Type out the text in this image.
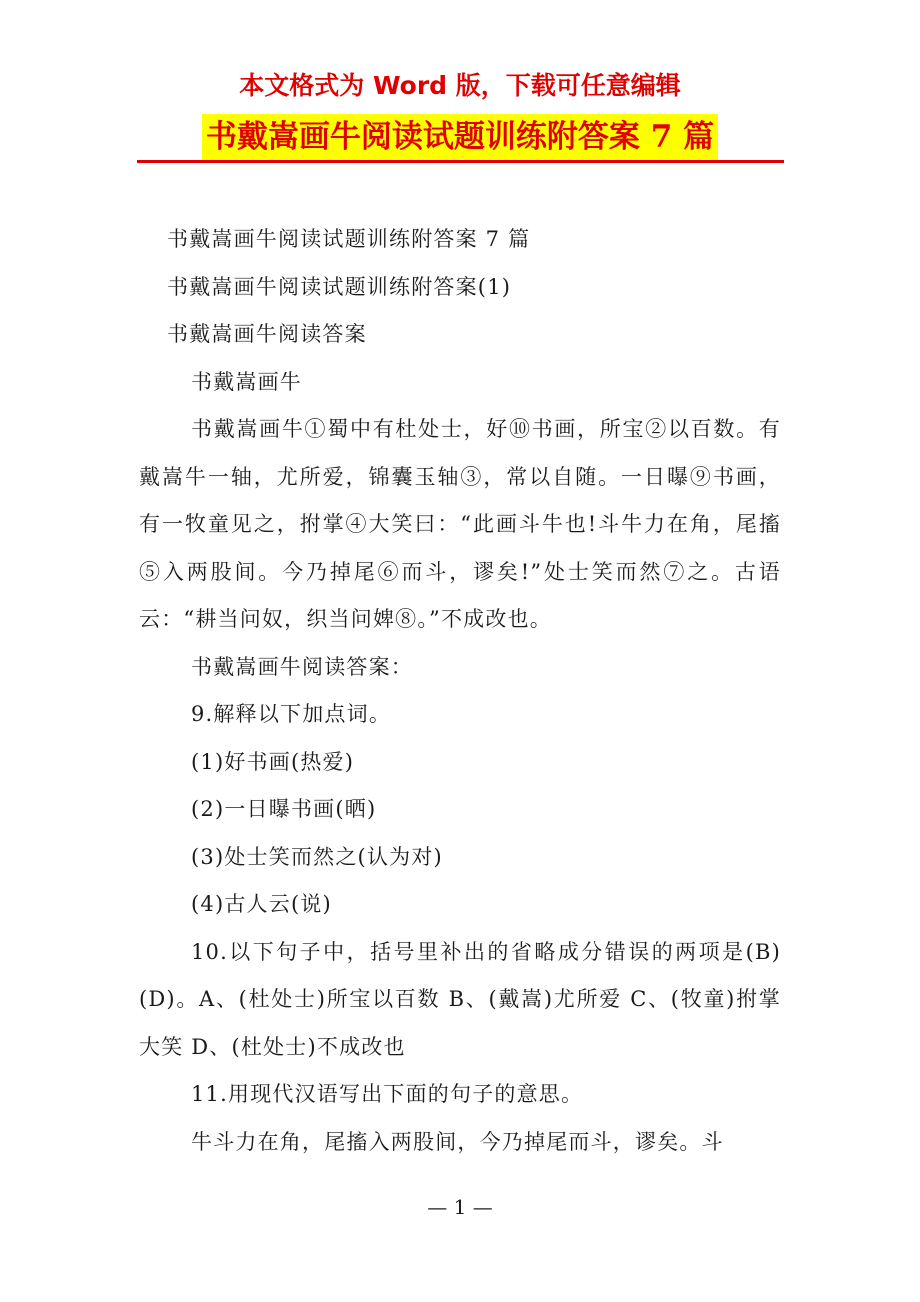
本文格式为 Word 版，下载可任意编辑
书戴嵩画牛阅读试题训练附答案 7 篇

书戴嵩画牛阅读试题训练附答案 7 篇

书戴嵩画牛阅读试题训练附答案(1)

书戴嵩画牛阅读答案

书戴嵩画牛

书戴嵩画牛①蜀中有杜处士，好⑩书画，所宝②以百数。有戴嵩牛一轴，尤所爱，锦囊玉轴③，常以自随。一日曝⑨书画，有一牧童见之，拊掌④大笑曰：“此画斗牛也!斗牛力在角，尾搐⑤入两股间。今乃掉尾⑥而斗，谬矣!”处士笑而然⑦之。古语云：“耕当问奴，织当问婢⑧。”不成改也。

书戴嵩画牛阅读答案：

9.解释以下加点词。

(1)好书画(热爱)

(2)一日曝书画(晒)

(3)处士笑而然之(认为对)

(4)古人云(说)

10.以下句子中，括号里补出的省略成分错误的两项是(B)(D)。A、(杜处士)所宝以百数 B、(戴嵩)尤所爱 C、(牧童)拊掌大笑 D、(杜处士)不成改也

11.用现代汉语写出下面的句子的意思。

牛斗力在角，尾搐入两股间，今乃掉尾而斗，谬矣。斗

— 1 —
